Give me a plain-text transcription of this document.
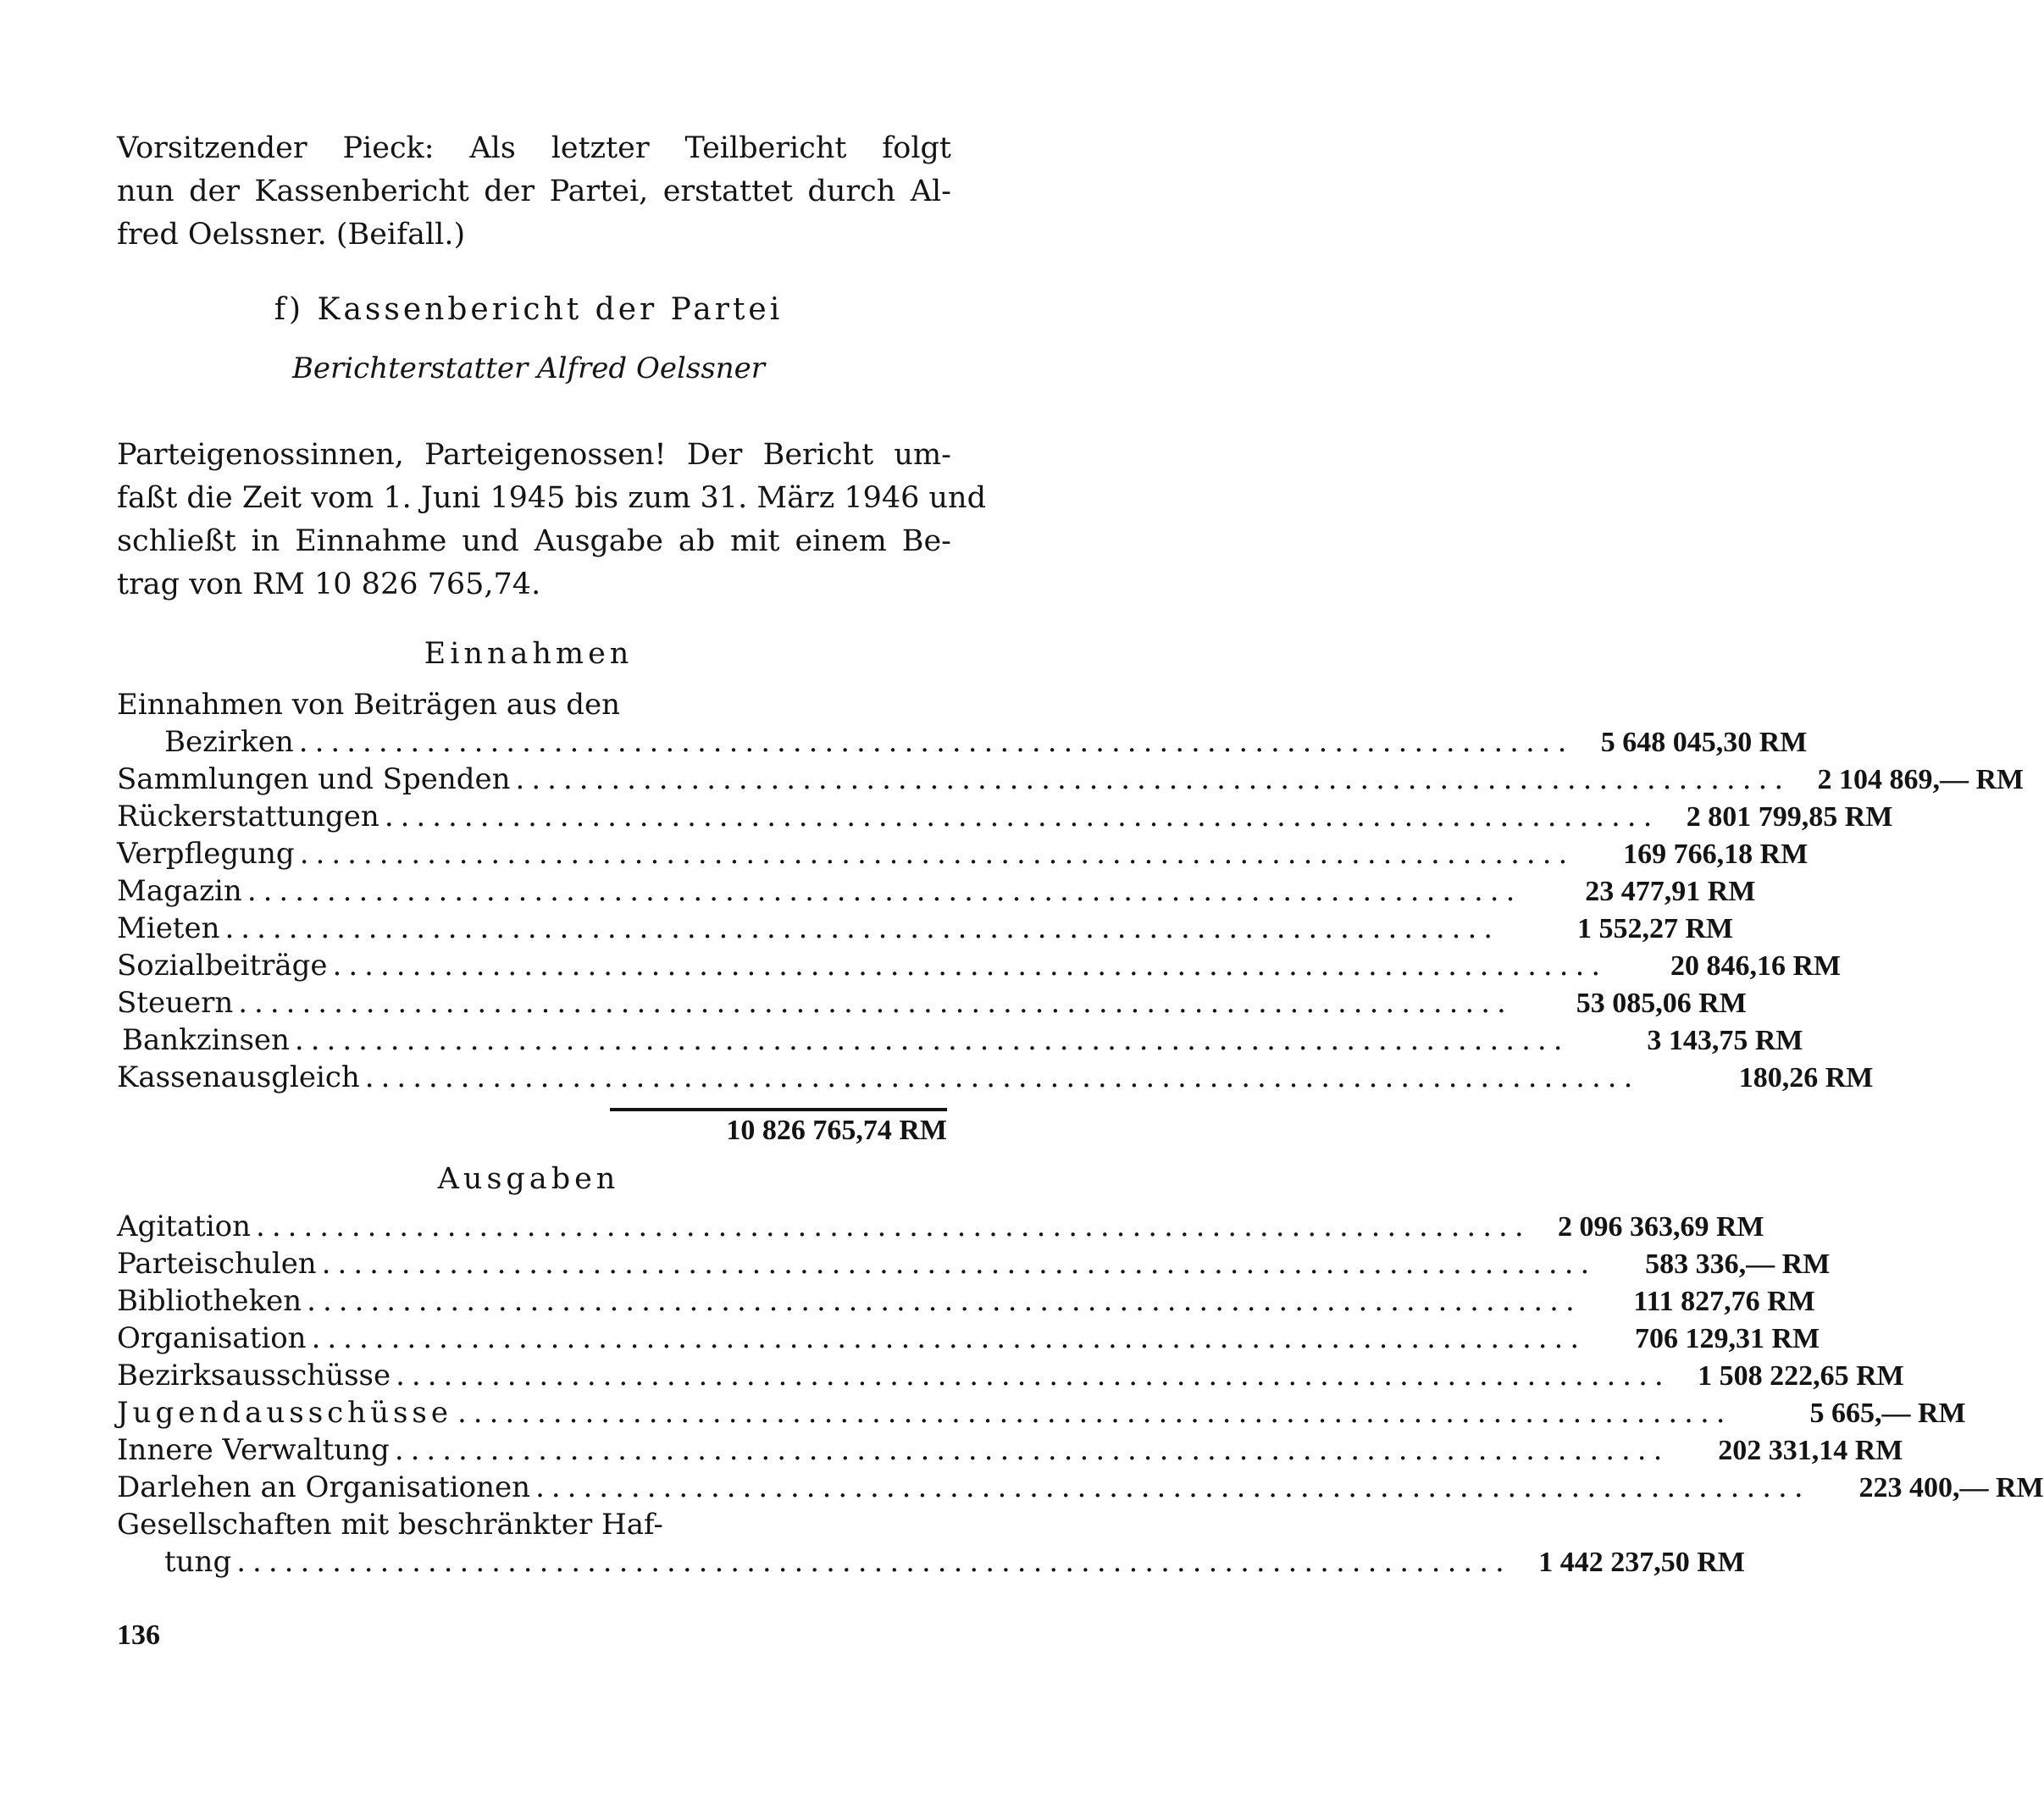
Vorsitzender Pieck: Als letzter Teilbericht folgt
nun der Kassenbericht der Partei, erstattet durch Al-
fred Oelssner. (Beifall.)
f) Kassenbericht der Partei
Berichterstatter Alfred Oelssner
Parteigenossinnen, Parteigenossen! Der Bericht um-
faßt die Zeit vom 1. Juni 1945 bis zum 31. März 1946 und
schließt in Einnahme und Ausgabe ab mit einem Be-
trag von RM 10 826 765,74.
Einnahmen
Einnahmen von Beiträgen aus den
Bezirken ................................................................................ 5 648 045,30 RM
Sammlungen und Spenden ................................................................................ 2 104 869,— RM
Rückerstattungen ................................................................................ 2 801 799,85 RM
Verpflegung ................................................................................	169 766,18 RM
Magazin ................................................................................	23 477,91 RM
Mieten ................................................................................	1 552,27 RM
Sozialbeiträge ................................................................................	20 846,16 RM
Steuern ................................................................................	53 085,06 RM
Bankzinsen ................................................................................	3 143,75 RM
Kassenausgleich ................................................................................	180,26 RM
10 826 765,74 RM
Ausgaben
Agitation ................................................................................ 2 096 363,69 RM
Parteischulen ................................................................................	583 336,— RM
Bibliotheken ................................................................................	111 827,76 RM
Organisation ................................................................................	706 129,31 RM
Bezirksausschüsse ................................................................................ 1 508 222,65 RM
Jugendausschüsse ................................................................................	5 665,— RM
Innere Verwaltung ................................................................................	202 331,14 RM
Darlehen an Organisationen ................................................................................	223 400,— RM
Gesellschaften mit beschränkter Haf-
tung ................................................................................ 1 442 237,50 RM
136
